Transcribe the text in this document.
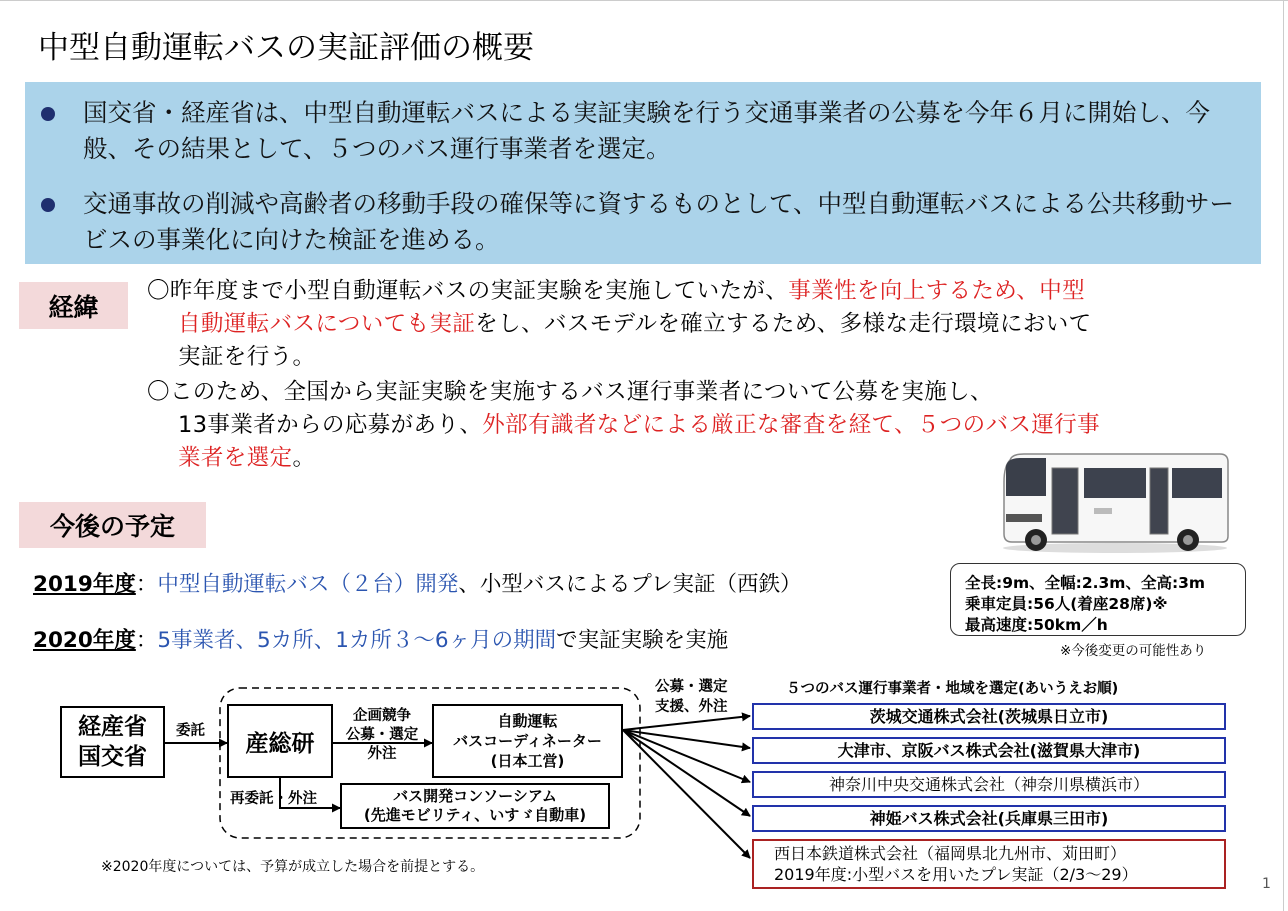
中型自動運転バスの実証評価の概要
国交省・経産省は、中型自動運転バスによる実証実験を行う交通事業者の公募を今年６月に開始し、今般、その結果として、５つのバス運行事業者を選定。
交通事故の削減や高齢者の移動手段の確保等に資するものとして、中型自動運転バスによる公共移動サービスの事業化に向けた検証を進める。
経緯
〇昨年度まで小型自動運転バスの実証実験を実施していたが、事業性を向上するため、中型
自動運転バスについても実証をし、バスモデルを確立するため、多様な走行環境において
実証を行う。
〇このため、全国から実証実験を実施するバス運行事業者について公募を実施し、
13事業者からの応募があり、外部有識者などによる厳正な審査を経て、５つのバス運行事
業者を選定。
今後の予定
2019年度：中型自動運転バス（２台）開発、小型バスによるプレ実証（西鉄）
2020年度：5事業者、5カ所、1カ所３～6ヶ月の期間で実証実験を実施
全長:9m、全幅:2.3m、全高:3m
乗車定員:56人(着座28席)※
最高速度:50km／h
※今後変更の可能性あり
経産省
国交省
委託	産総研
企画競争
公募・選定
外注
自動運転
バスコーディネーター
(日本工営)
再委託・外注	バス開発コンソーシアム
(先進モビリティ、いすゞ自動車)
公募・選定
支援、外注
５つのバス運行事業者・地域を選定(あいうえお順)
茨城交通株式会社(茨城県日立市)
大津市、京阪バス株式会社(滋賀県大津市)
神奈川中央交通株式会社（神奈川県横浜市）
神姫バス株式会社(兵庫県三田市)
西日本鉄道株式会社（福岡県北九州市、苅田町）
2019年度:小型バスを用いたプレ実証（2/3～29）
※2020年度については、予算が成立した場合を前提とする。
1
